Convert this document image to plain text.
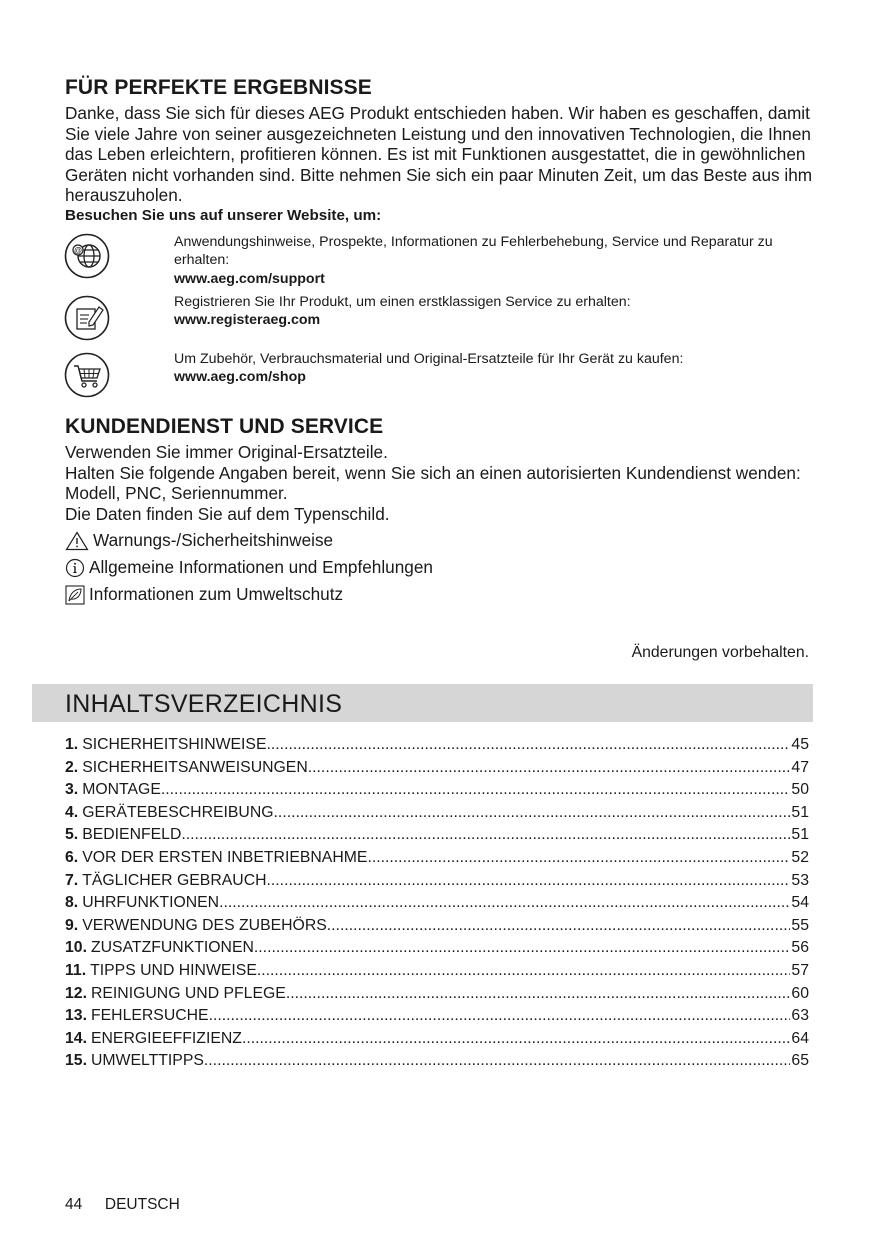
FÜR PERFEKTE ERGEBNISSE
Danke, dass Sie sich für dieses AEG Produkt entschieden haben. Wir haben es geschaffen, damit Sie viele Jahre von seiner ausgezeichneten Leistung und den innovativen Technologien, die Ihnen das Leben erleichtern, profitieren können. Es ist mit Funktionen ausgestattet, die in gewöhnlichen Geräten nicht vorhanden sind. Bitte nehmen Sie sich ein paar Minuten Zeit, um das Beste aus ihm herauszuholen.
Besuchen Sie uns auf unserer Website, um:
@
Anwendungshinweise, Prospekte, Informationen zu Fehlerbehebung, Service und Reparatur zu erhalten:
www.aeg.com/support
Registrieren Sie Ihr Produkt, um einen erstklassigen Service zu erhalten:
www.registeraeg.com
Um Zubehör, Verbrauchsmaterial und Original-Ersatzteile für Ihr Gerät zu kaufen:
www.aeg.com/shop
KUNDENDIENST UND SERVICE
Verwenden Sie immer Original-Ersatzteile.
Halten Sie folgende Angaben bereit, wenn Sie sich an einen autorisierten Kundendienst wenden: Modell, PNC, Seriennummer.
Die Daten finden Sie auf dem Typenschild.
Warnungs-/Sicherheitshinweise
Allgemeine Informationen und Empfehlungen
Informationen zum Umweltschutz
Änderungen vorbehalten.
INHALTSVERZEICHNIS
1. SICHERHEITSHINWEISE .....	45
2. SICHERHEITSANWEISUNGEN .....	47
3. MONTAGE .....	50
4. GERÄTEBESCHREIBUNG .....	51
5. BEDIENFELD .....	51
6. VOR DER ERSTEN INBETRIEBNAHME .....	52
7. TÄGLICHER GEBRAUCH .....	53
8. UHRFUNKTIONEN .....	54
9. VERWENDUNG DES ZUBEHÖRS .....	55
10. ZUSATZFUNKTIONEN .....	56
11. TIPPS UND HINWEISE .....	57
12. REINIGUNG UND PFLEGE .....	60
13. FEHLERSUCHE .....	63
14. ENERGIEEFFIZIENZ .....	64
15. UMWELTTIPPS .....	65
44 DEUTSCH
